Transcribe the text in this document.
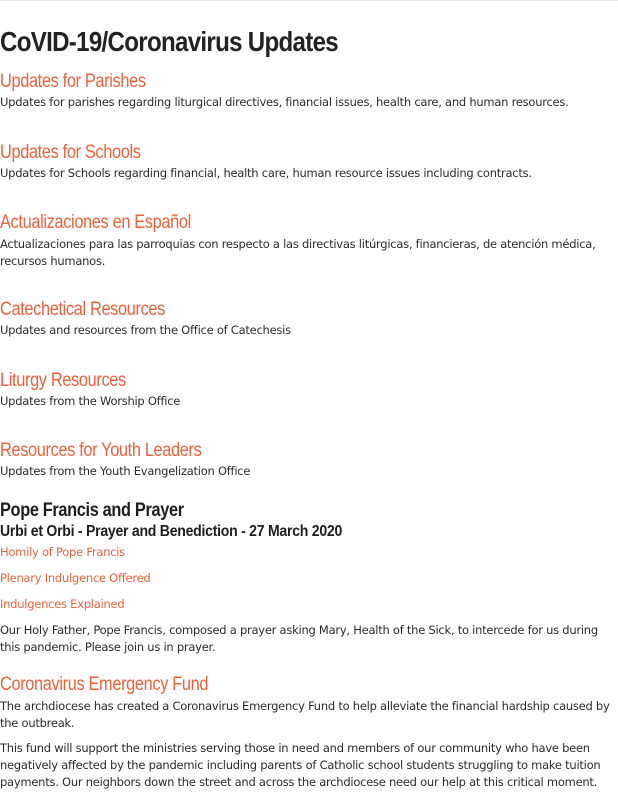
CoVID-19/Coronavirus Updates
Updates for Parishes

Updates for parishes regarding liturgical directives, financial issues, health care, and human resources.

Updates for Schools

Updates for Schools regarding financial, health care, human resource issues including contracts.

Actualizaciones en Español

Actualizaciones para las parroquias con respecto a las directivas litúrgicas, financieras, de atención médica, recursos humanos.

Catechetical Resources

Updates and resources from the Office of Catechesis

Liturgy Resources

Updates from the Worship Office

Resources for Youth Leaders

Updates from the Youth Evangelization Office

Pope Francis and Prayer
Urbi et Orbi - Prayer and Benediction - 27 March 2020
Homily of Pope Francis
Plenary Indulgence Offered
Indulgences Explained

Our Holy Father, Pope Francis, composed a prayer asking Mary, Health of the Sick, to intercede for us during this pandemic. Please join us in prayer.

Coronavirus Emergency Fund

The archdiocese has created a Coronavirus Emergency Fund to help alleviate the financial hardship caused by the outbreak.

This fund will support the ministries serving those in need and members of our community who have been negatively affected by the pandemic including parents of Catholic school students struggling to make tuition payments. Our neighbors down the street and across the archdiocese need our help at this critical moment.
